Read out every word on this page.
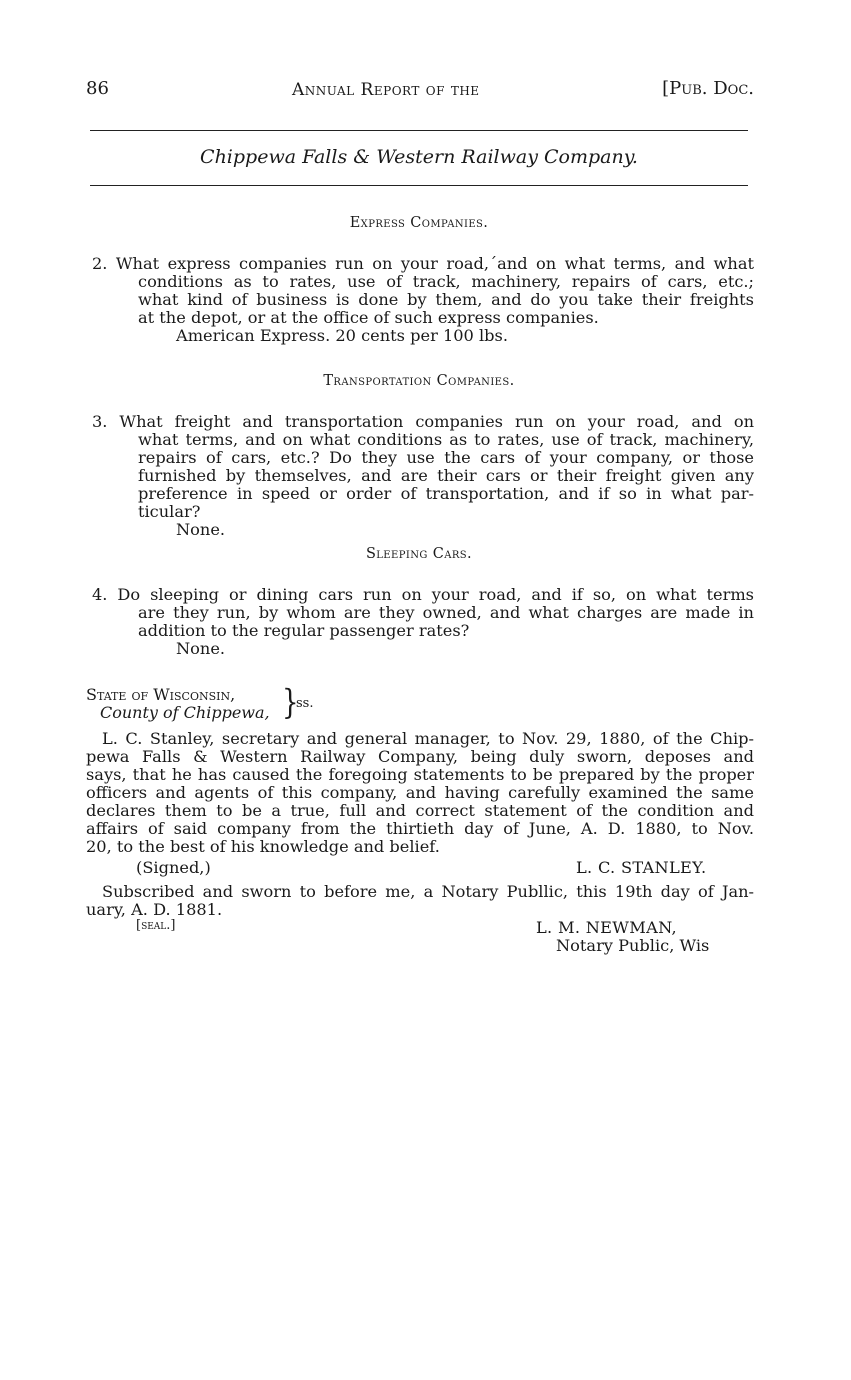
86	Annual Report of the	[Pub. Doc.
Chippewa Falls & Western Railway Company.
Express Companies.
2. What express companies run on your road,´and on what terms, and what
conditions as to rates, use of track, machinery, repairs of cars, etc.;
what kind of business is done by them, and do you take their freights
at the depot, or at the office of such express companies.
American Express. 20 cents per 100 lbs.
Transportation Companies.
3. What freight and transportation companies run on your road, and on
what terms, and on what conditions as to rates, use of track, machinery,
repairs of cars, etc.? Do they use the cars of your company, or those
furnished by themselves, and are their cars or their freight given any
preference in speed or order of transportation, and if so in what par-
ticular?
None.
Sleeping Cars.
4. Do sleeping or dining cars run on your road, and if so, on what terms
are they run, by whom are they owned, and what charges are made in
addition to the regular passenger rates?
None.
State of Wisconsin,
County of Chippewa, }
ss.
L. C. Stanley, secretary and general manager, to Nov. 29, 1880, of the Chip-
pewa Falls & Western Railway Company, being duly sworn, deposes and
says, that he has caused the foregoing statements to be prepared by the proper
officers and agents of this company, and having carefully examined the same
declares them to be a true, full and correct statement of the condition and
affairs of said company from the thirtieth day of June, A. D. 1880, to Nov.
20, to the best of his knowledge and belief.
(Signed,)	L. C. STANLEY.
Subscribed and sworn to before me, a Notary Publlic, this 19th day of Jan-
uary, A. D. 1881.
[seal.]	L. M. NEWMAN,
Notary Public, Wis
